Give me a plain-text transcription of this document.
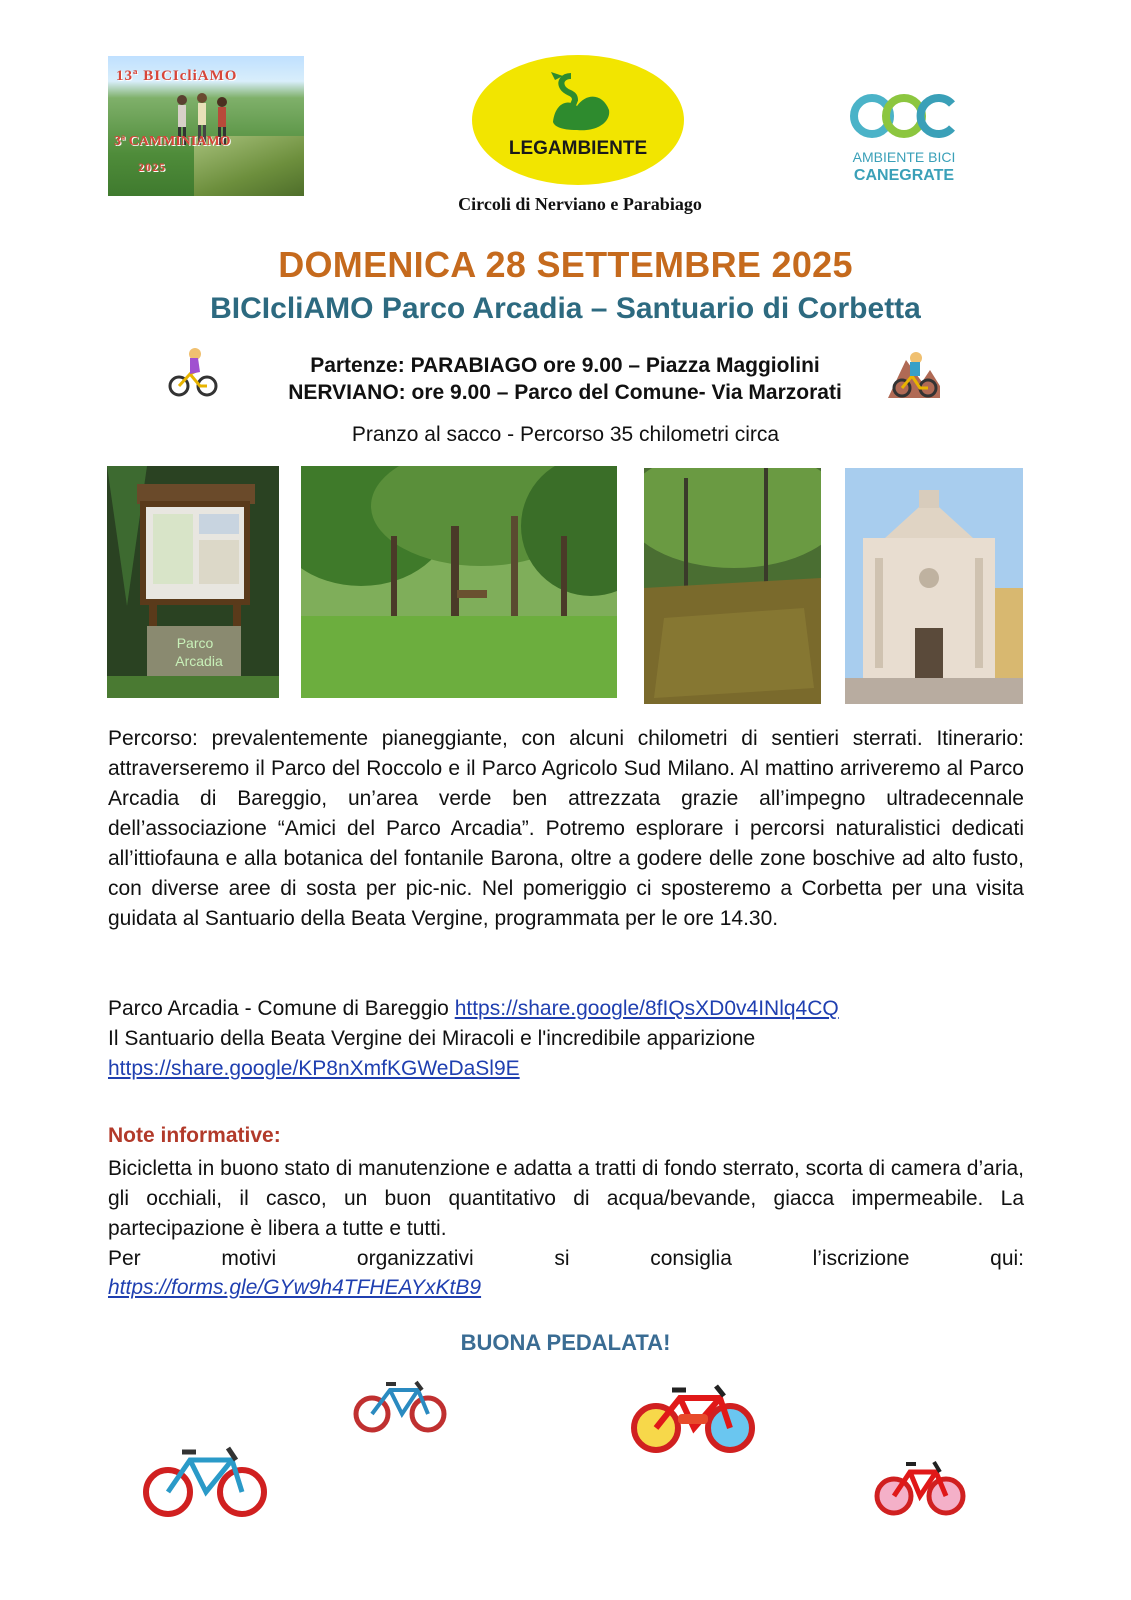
13ª BICIcliAMO
3ª CAMMINIAMO
2025
LEGAMBIENTE
Circoli di Nerviano e Parabiago
AMBIENTE BICI
CANEGRATE
DOMENICA 28 SETTEMBRE 2025
BICIcliAMO Parco Arcadia – Santuario di Corbetta
Partenze: PARABIAGO ore 9.00 – Piazza Maggiolini
NERVIANO: ore 9.00 – Parco del Comune- Via Marzorati
Pranzo al sacco - Percorso 35 chilometri circa
Parco
Arcadia
Percorso: prevalentemente pianeggiante, con alcuni chilometri di sentieri sterrati. Itinerario: attraverseremo il Parco del Roccolo e il Parco Agricolo Sud Milano. Al mattino arriveremo al Parco Arcadia di Bareggio, un’area verde ben attrezzata grazie all’impegno ultradecennale dell’associazione “Amici del Parco Arcadia”. Potremo esplorare i percorsi naturalistici dedicati all’ittiofauna e alla botanica del fontanile Barona, oltre a godere delle zone boschive ad alto fusto, con diverse aree di sosta per pic-nic. Nel pomeriggio ci sposteremo a Corbetta per una visita guidata al Santuario della Beata Vergine, programmata per le ore 14.30.
Parco Arcadia - Comune di Bareggio https://share.google/8fIQsXD0v4INlq4CQ
Il Santuario della Beata Vergine dei Miracoli e l'incredibile apparizione
https://share.google/KP8nXmfKGWeDaSl9E
Note informative:
Bicicletta in buono stato di manutenzione e adatta a tratti di fondo sterrato, scorta di camera d’aria, gli occhiali, il casco, un buon quantitativo di acqua/bevande, giacca impermeabile. La partecipazione è libera a tutte e tutti.
Per	motivi	organizzativi	si	consiglia	l’iscrizione	qui:
https://forms.gle/GYw9h4TFHEAYxKtB9
BUONA PEDALATA!
